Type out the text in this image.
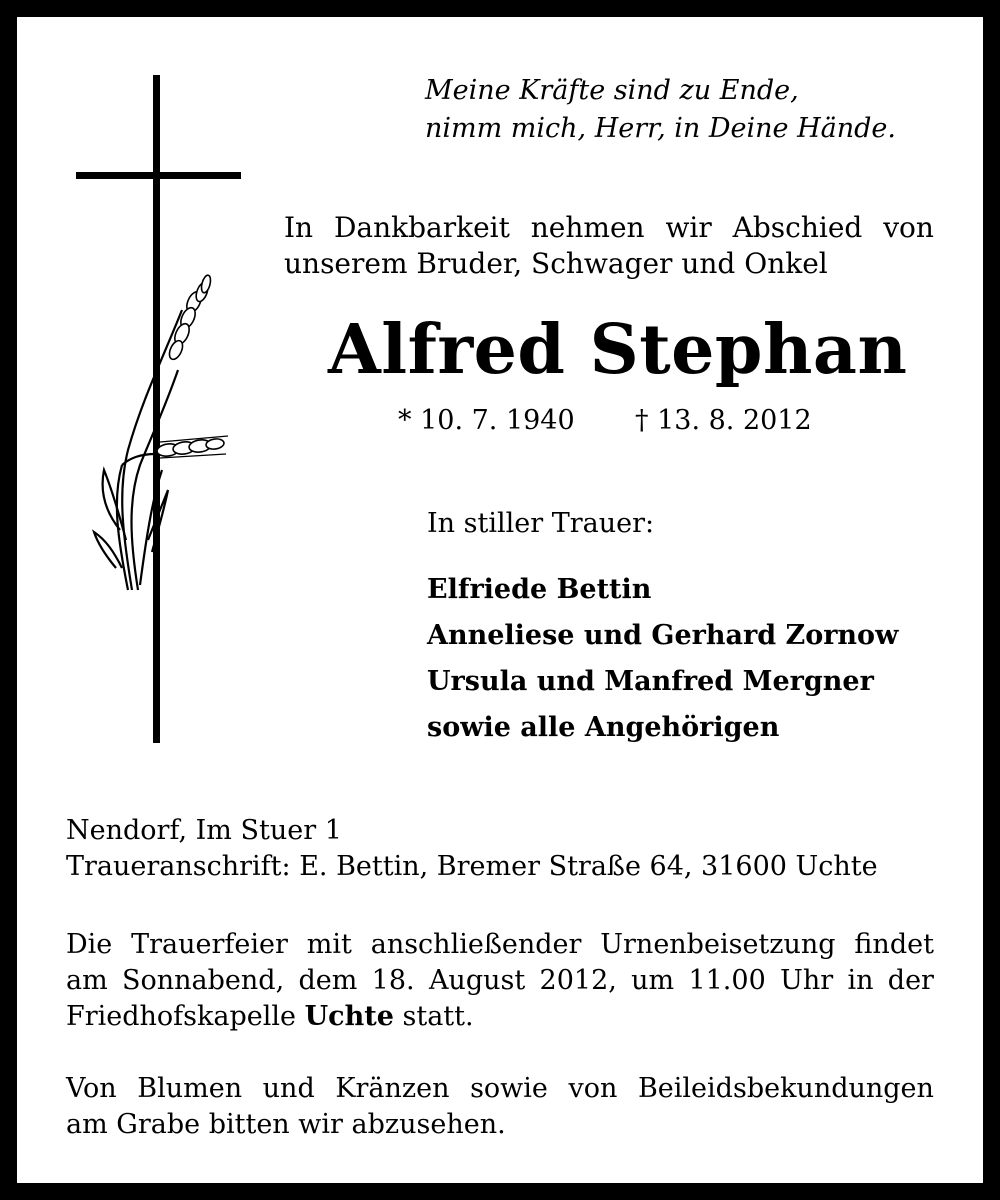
Meine Kräfte sind zu Ende,
nimm mich, Herr, in Deine Hände.
In Dankbarkeit nehmen wir Abschied von
unserem Bruder, Schwager und Onkel
Alfred Stephan
* 10. 7. 1940 † 13. 8. 2012
In stiller Trauer:
Elfriede Bettin
Anneliese und Gerhard Zornow
Ursula und Manfred Mergner
sowie alle Angehörigen
Nendorf, Im Stuer 1
Traueranschrift: E. Bettin, Bremer Straße 64, 31600 Uchte
Die Trauerfeier mit anschließender Urnenbeisetzung findet
am Sonnabend, dem 18. August 2012, um 11.00 Uhr in der
Friedhofskapelle Uchte statt.
Von Blumen und Kränzen sowie von Beileidsbekundungen
am Grabe bitten wir abzusehen.
